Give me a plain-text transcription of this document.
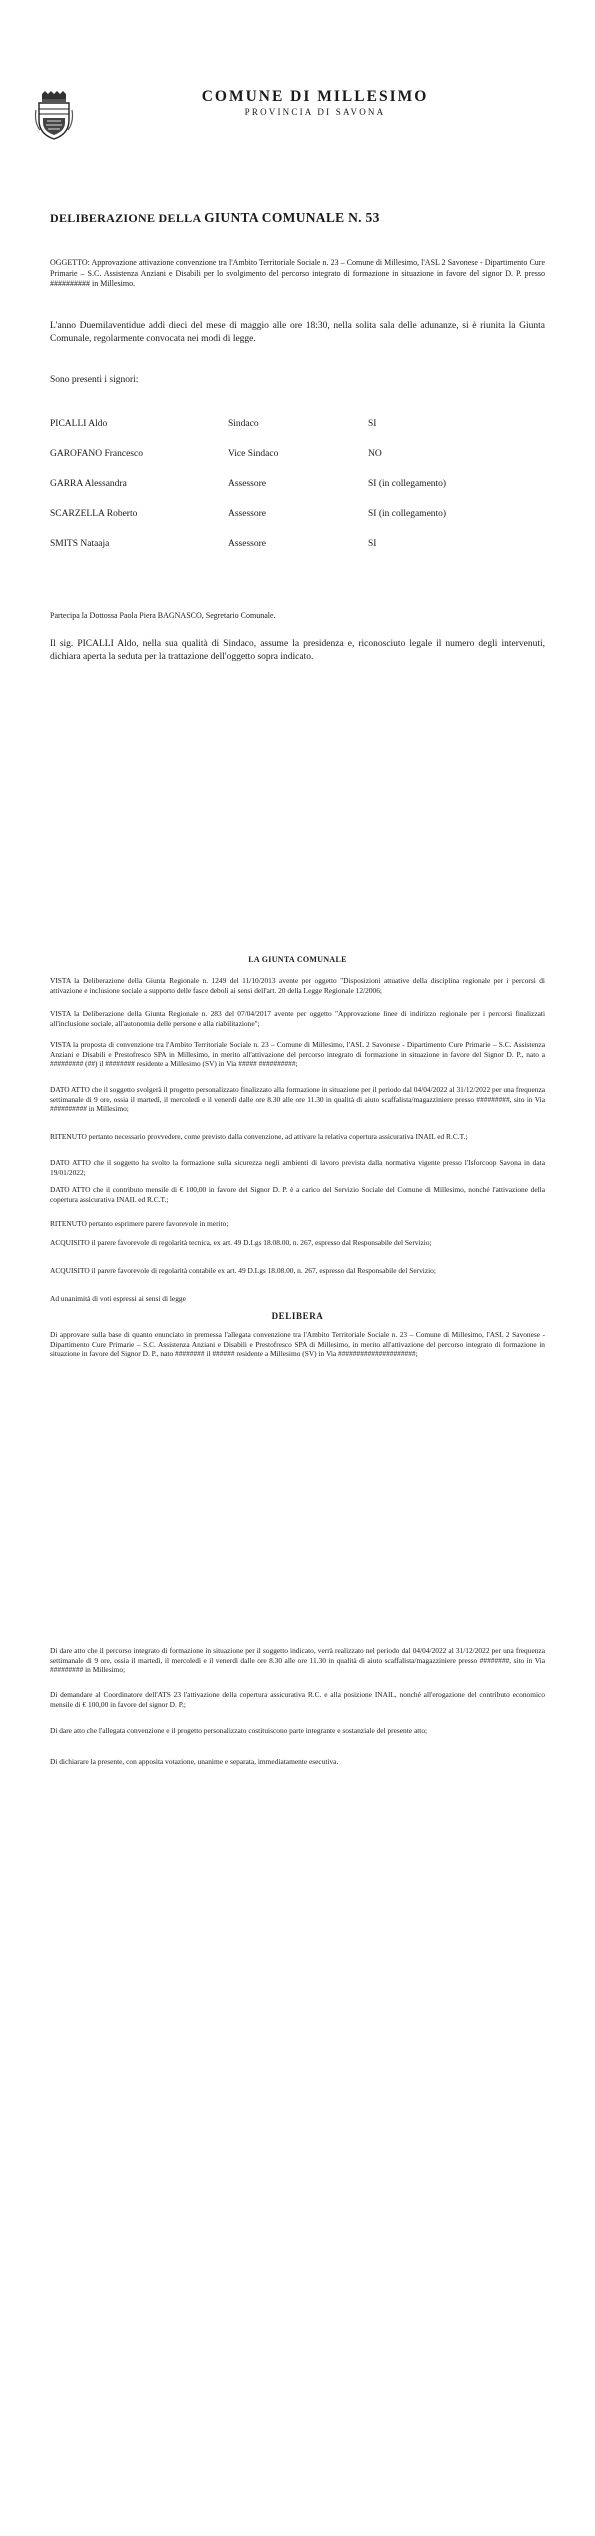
COMUNE DI MILLESIMO
PROVINCIA DI SAVONA
DELIBERAZIONE DELLA GIUNTA COMUNALE N. 53
OGGETTO: Approvazione attivazione convenzione tra l'Ambito Territoriale Sociale n. 23 – Comune di Millesimo, l'ASL 2 Savonese - Dipartimento Cure Primarie – S.C. Assistenza Anziani e Disabili per lo svolgimento del percorso integrato di formazione in situazione in favore del signor D. P. presso ########## in Millesimo.
L'anno Duemilaventidue addì dieci del mese di maggio alle ore 18:30, nella solita sala delle adunanze, si è riunita la Giunta Comunale, regolarmente convocata nei modi di legge.
Sono presenti i signori:
PICALLI Aldo	Sindaco	SI
GAROFANO Francesco	Vice Sindaco	NO
GARRA Alessandra	Assessore	SI (in collegamento)
SCARZELLA Roberto	Assessore	SI (in collegamento)
SMITS Nataaja	Assessore	SI
Partecipa la Dottossa Paola Piera BAGNASCO, Segretario Comunale.
Il sig. PICALLI Aldo, nella sua qualità di Sindaco, assume la presidenza e, riconosciuto legale il numero degli intervenuti, dichiara aperta la seduta per la trattazione dell'oggetto sopra indicato.
LA GIUNTA COMUNALE
VISTA la Deliberazione della Giunta Regionale n. 1249 del 11/10/2013 avente per oggetto "Disposizioni attuative della disciplina regionale per i percorsi di attivazione e inclusione sociale a supporto delle fasce deboli ai sensi dell'art. 20 della Legge Regionale 12/2006;
VISTA la Deliberazione della Giunta Regionale n. 283 del 07/04/2017 avente per oggetto "Approvazione linee di indirizzo regionale per i percorsi finalizzati all'inclusione sociale, all'autonomia delle persone e alla riabilitazione";
VISTA la proposta di convenzione tra l'Ambito Territoriale Sociale n. 23 – Comune di Millesimo, l'ASL 2 Savonese - Dipartimento Cure Primarie – S.C. Assistenza Anziani e Disabili e Prestofresco SPA in Millesimo, in merito all'attivazione del percorso integrato di formazione in situazione in favore del Signor D. P., nato a ######### (##) il ######## residente a Millesimo (SV) in Via ##### ##########;
DATO ATTO che il soggetto svolgerà il progetto personalizzato finalizzato alla formazione in situazione per il periodo dal 04/04/2022 al 31/12/2022 per una frequenza settimanale di 9 ore, ossia il martedì, il mercoledì e il venerdì dalle ore 8.30 alle ore 11.30 in qualità di aiuto scaffalista/magazziniere presso #########, sito in Via ########## in Millesimo;
RITENUTO pertanto necessario provvedere, come previsto dalla convenzione, ad attivare la relativa copertura assicurativa INAIL ed R.C.T.;
DATO ATTO che il soggetto ha svolto la formazione sulla sicurezza negli ambienti di lavoro prevista dalla normativa vigente presso l'Isforcoop Savona in data 19/01/2022;
DATO ATTO che il contributo mensile di € 100,00 in favore del Signor D. P. è a carico del Servizio Sociale del Comune di Millesimo, nonché l'attivazione della copertura assicurativa INAIL ed R.C.T.;
RITENUTO pertanto esprimere parere favorevole in merito;
ACQUISITO il parere favorevole di regolarità tecnica, ex art. 49 D.Lgs 18.08.00, n. 267, espresso dal Responsabile del Servizio;
ACQUISITO il parere favorevole di regolarità contabile ex art. 49 D.Lgs 18.08.00, n. 267, espresso dal Responsabile del Servizio;
Ad unanimità di voti espressi ai sensi di legge
DELIBERA
Di approvare sulla base di quanto enunciato in premessa l'allegata convenzione tra l'Ambito Territoriale Sociale n. 23 – Comune di Millesimo, l'ASL 2 Savonese - Dipartimento Cure Primarie – S.C. Assistenza Anziani e Disabili e Prestofresco SPA di Millesimo, in merito all'attivazione del percorso integrato di formazione in situazione in favore del Signor D. P., nato ######## il ###### residente a Millesimo (SV) in Via #####################;
Di dare atto che il percorso integrato di formazione in situazione per il soggetto indicato, verrà realizzato nel periodo dal 04/04/2022 al 31/12/2022 per una frequenza settimanale di 9 ore, ossia il martedì, il mercoledì e il venerdì dalle ore 8.30 alle ore 11.30 in qualità di aiuto scaffalista/magazziniere presso ########, sito in Via ######### in Millesimo;
Di demandare al Coordinatore dell'ATS 23 l'attivazione della copertura assicurativa R.C. e alla posizione INAIL, nonché all'erogazione del contributo economico mensile di € 100,00 in favore del signor D. P.;
Di dare atto che l'allegata convenzione e il progetto personalizzato costituiscono parte integrante e sostanziale del presente atto;
Di dichiarare la presente, con apposita votazione, unanime e separata, immediatamente esecutiva.
